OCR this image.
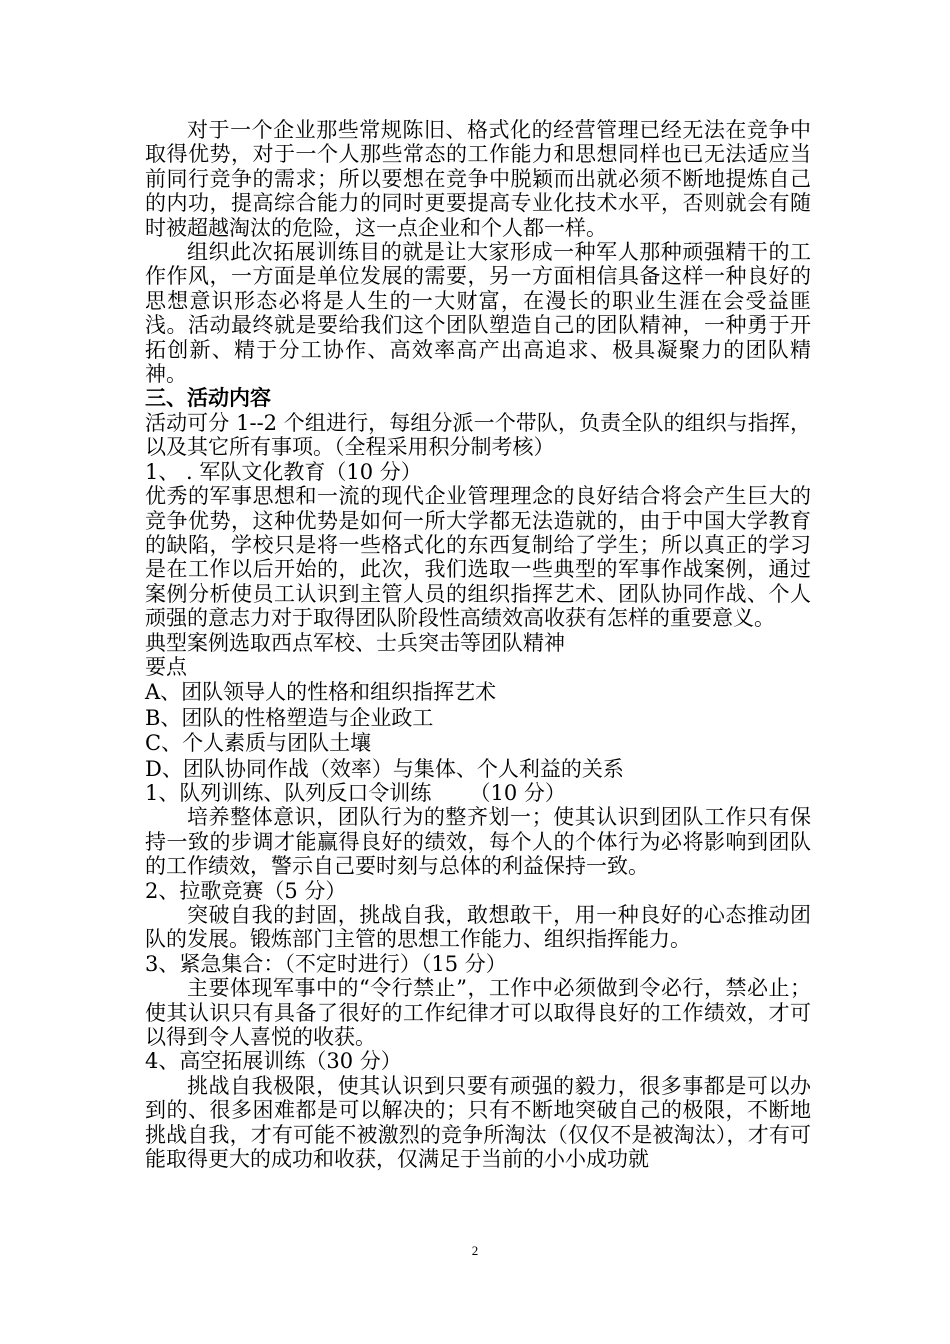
对于一个企业那些常规陈旧、格式化的经营管理已经无法在竞争中取得优势，对于一个人那些常态的工作能力和思想同样也已无法适应当前同行竞争的需求；所以要想在竞争中脱颖而出就必须不断地提炼自己的内功，提高综合能力的同时更要提高专业化技术水平，否则就会有随时被超越淘汰的危险，这一点企业和个人都一样。

组织此次拓展训练目的就是让大家形成一种军人那种顽强精干的工作作风，一方面是单位发展的需要，另一方面相信具备这样一种良好的思想意识形态必将是人生的一大财富，在漫长的职业生涯在会受益匪浅。活动最终就是要给我们这个团队塑造自己的团队精神，一种勇于开拓创新、精于分工协作、高效率高产出高追求、极具凝聚力的团队精神。

三、活动内容

活动可分 1--2 个组进行，每组分派一个带队，负责全队的组织与指挥，以及其它所有事项。（全程采用积分制考核）

1、 . 军队文化教育（10 分）

优秀的军事思想和一流的现代企业管理理念的良好结合将会产生巨大的竞争优势，这种优势是如何一所大学都无法造就的，由于中国大学教育的缺陷，学校只是将一些格式化的东西复制给了学生；所以真正的学习是在工作以后开始的，此次，我们选取一些典型的军事作战案例，通过案例分析使员工认识到主管人员的组织指挥艺术、团队协同作战、个人顽强的意志力对于取得团队阶段性高绩效高收获有怎样的重要意义。

典型案例选取西点军校、士兵突击等团队精神

要点

A、团队领导人的性格和组织指挥艺术

B、团队的性格塑造与企业政工

C、个人素质与团队土壤

D、团队协同作战（效率）与集体、个人利益的关系

1、队列训练、队列反口令训练 　　（10 分）

培养整体意识，团队行为的整齐划一；使其认识到团队工作只有保持一致的步调才能赢得良好的绩效，每个人的个体行为必将影响到团队的工作绩效，警示自己要时刻与总体的利益保持一致。

2、拉歌竞赛（5 分）

突破自我的封固，挑战自我，敢想敢干，用一种良好的心态推动团队的发展。锻炼部门主管的思想工作能力、组织指挥能力。

3、紧急集合：（不定时进行）（15 分）

主要体现军事中的“令行禁止”，工作中必须做到令必行，禁必止；使其认识只有具备了很好的工作纪律才可以取得良好的工作绩效，才可以得到令人喜悦的收获。

4、高空拓展训练（30 分）

挑战自我极限，使其认识到只要有顽强的毅力，很多事都是可以办到的、很多困难都是可以解决的；只有不断地突破自己的极限，不断地挑战自我，才有可能不被激烈的竞争所淘汰（仅仅不是被淘汰），才有可能取得更大的成功和收获，仅满足于当前的小小成功就

2
